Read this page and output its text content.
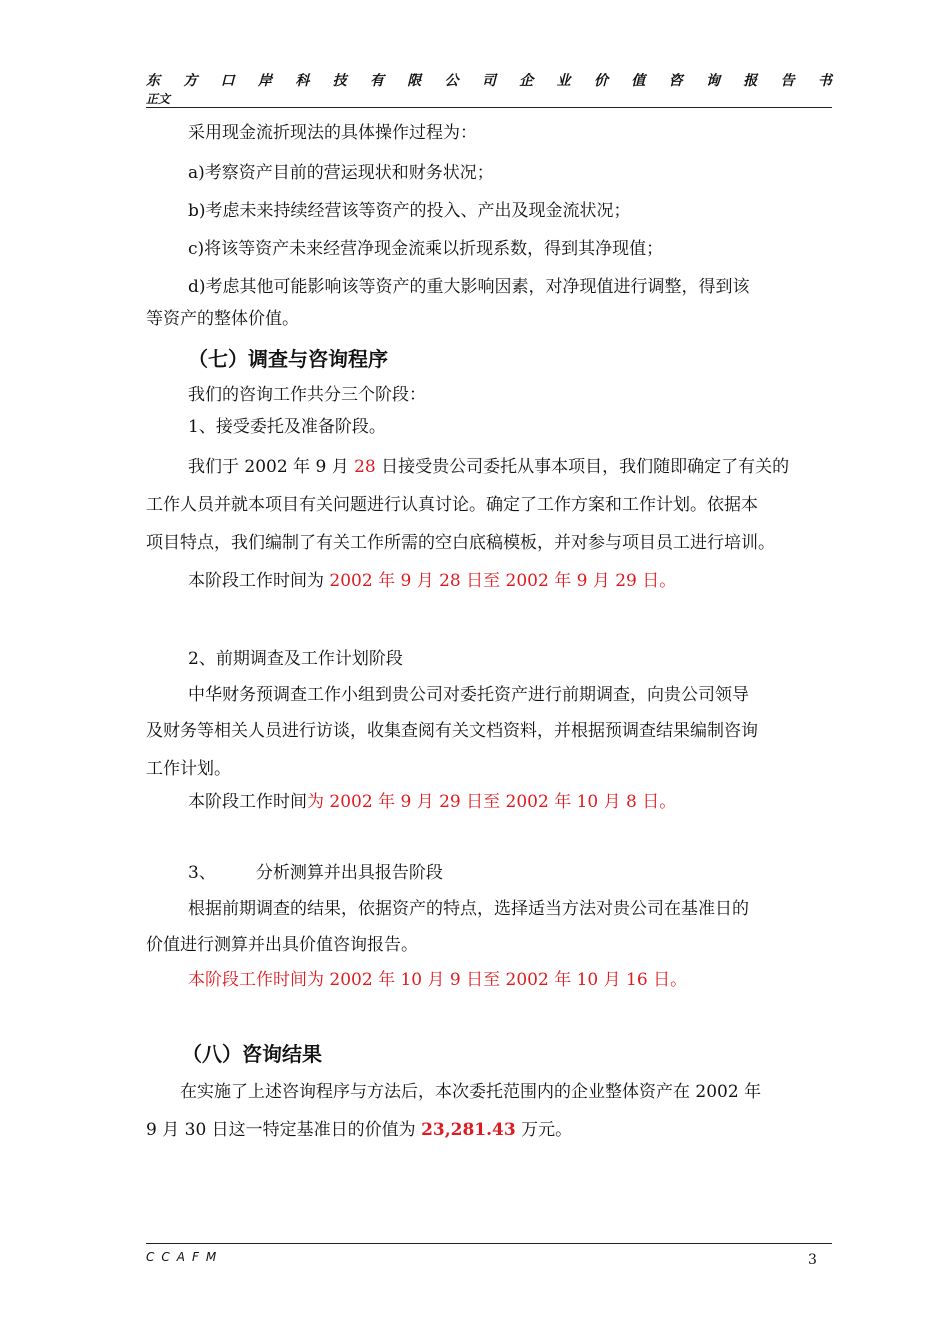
东 方 口 岸 科 技 有 限 公 司 企 业 价 值 咨 询 报 告 书
正文

采用现金流折现法的具体操作过程为：

a)考察资产目前的营运现状和财务状况；

b)考虑未来持续经营该等资产的投入、产出及现金流状况；

c)将该等资产未来经营净现金流乘以折现系数，得到其净现值；

d)考虑其他可能影响该等资产的重大影响因素，对净现值进行调整，得到该

等资产的整体价值。

（七）调查与咨询程序

我们的咨询工作共分三个阶段：

1、接受委托及准备阶段。

我们于 2002 年 9 月 28 日接受贵公司委托从事本项目，我们随即确定了有关的

工作人员并就本项目有关问题进行认真讨论。确定了工作方案和工作计划。依据本

项目特点，我们编制了有关工作所需的空白底稿模板，并对参与项目员工进行培训。

本阶段工作时间为 2002 年 9 月 28 日至 2002 年 9 月 29 日。

2、前期调查及工作计划阶段

中华财务预调查工作小组到贵公司对委托资产进行前期调查，向贵公司领导

及财务等相关人员进行访谈，收集查阅有关文档资料，并根据预调查结果编制咨询

工作计划。

本阶段工作时间为 2002 年 9 月 29 日至 2002 年 10 月 8 日。

3、 分析测算并出具报告阶段

根据前期调查的结果，依据资产的特点，选择适当方法对贵公司在基准日的

价值进行测算并出具价值咨询报告。

本阶段工作时间为 2002 年 10 月 9 日至 2002 年 10 月 16 日。

（八）咨询结果

在实施了上述咨询程序与方法后，本次委托范围内的企业整体资产在 2002 年

9 月 30 日这一特定基准日的价值为 23,281.43 万元。

CCAFM	3
